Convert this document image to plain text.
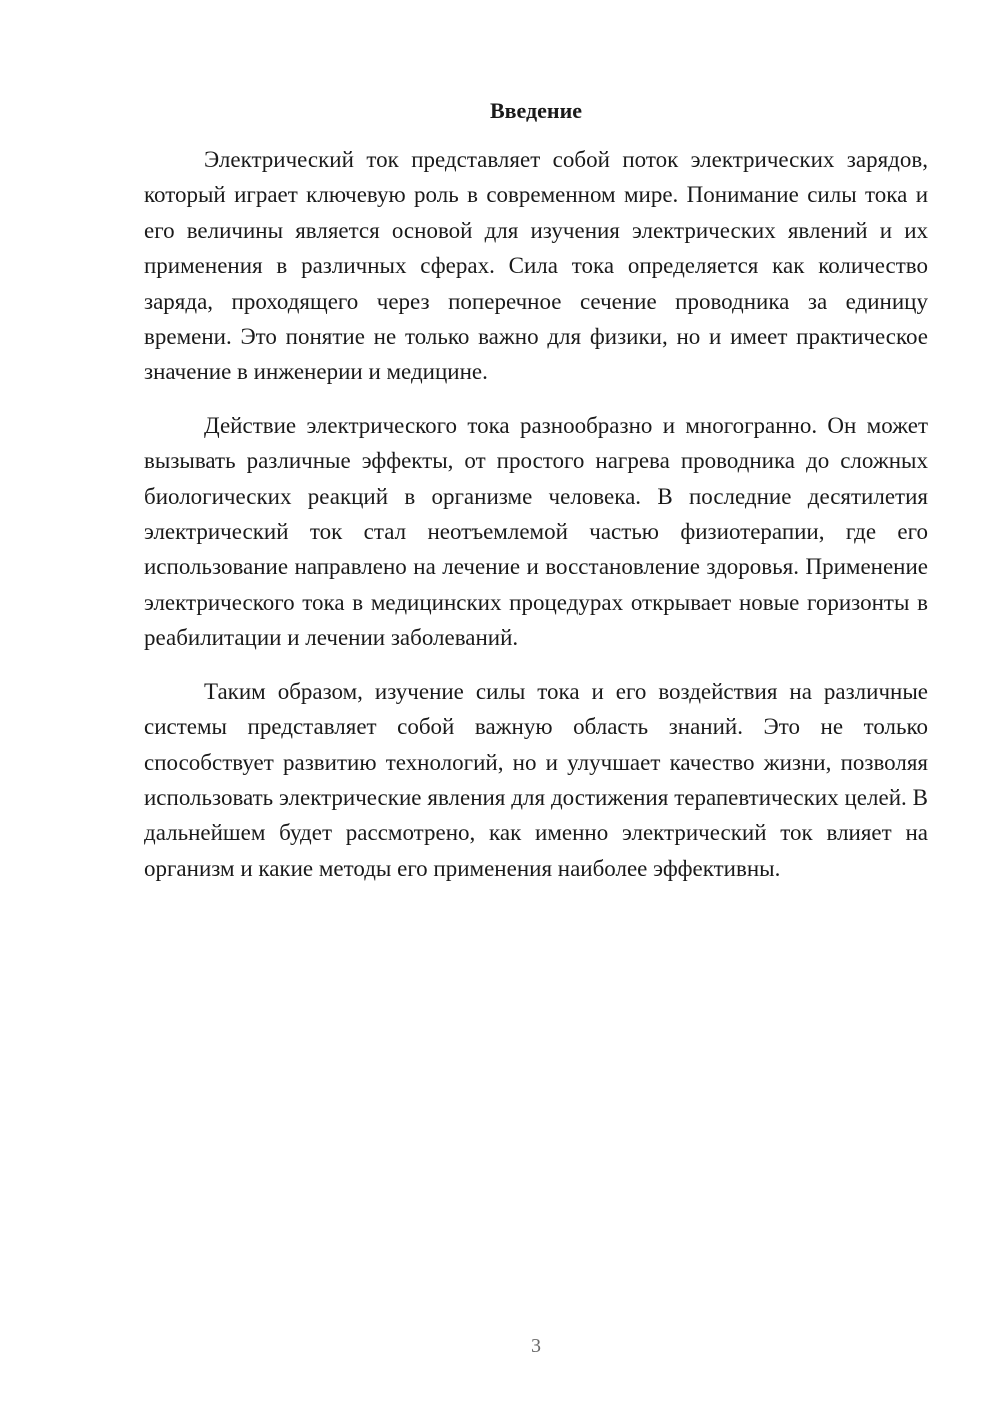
Введение

Электрический ток представляет собой поток электрических зарядов, который играет ключевую роль в современном мире. Понимание силы тока и его величины является основой для изучения электрических явлений и их применения в различных сферах. Сила тока определяется как количество заряда, проходящего через поперечное сечение проводника за единицу времени. Это понятие не только важно для физики, но и имеет практическое значение в инженерии и медицине.

Действие электрического тока разнообразно и многогранно. Он может вызывать различные эффекты, от простого нагрева проводника до сложных биологических реакций в организме человека. В последние десятилетия электрический ток стал неотъемлемой частью физиотерапии, где его использование направлено на лечение и восстановление здоровья. Применение электрического тока в медицинских процедурах открывает новые горизонты в реабилитации и лечении заболеваний.

Таким образом, изучение силы тока и его воздействия на различные системы представляет собой важную область знаний. Это не только способствует развитию технологий, но и улучшает качество жизни, позволяя использовать электрические явления для достижения терапевтических целей. В дальнейшем будет рассмотрено, как именно электрический ток влияет на организм и какие методы его применения наиболее эффективны.

3
